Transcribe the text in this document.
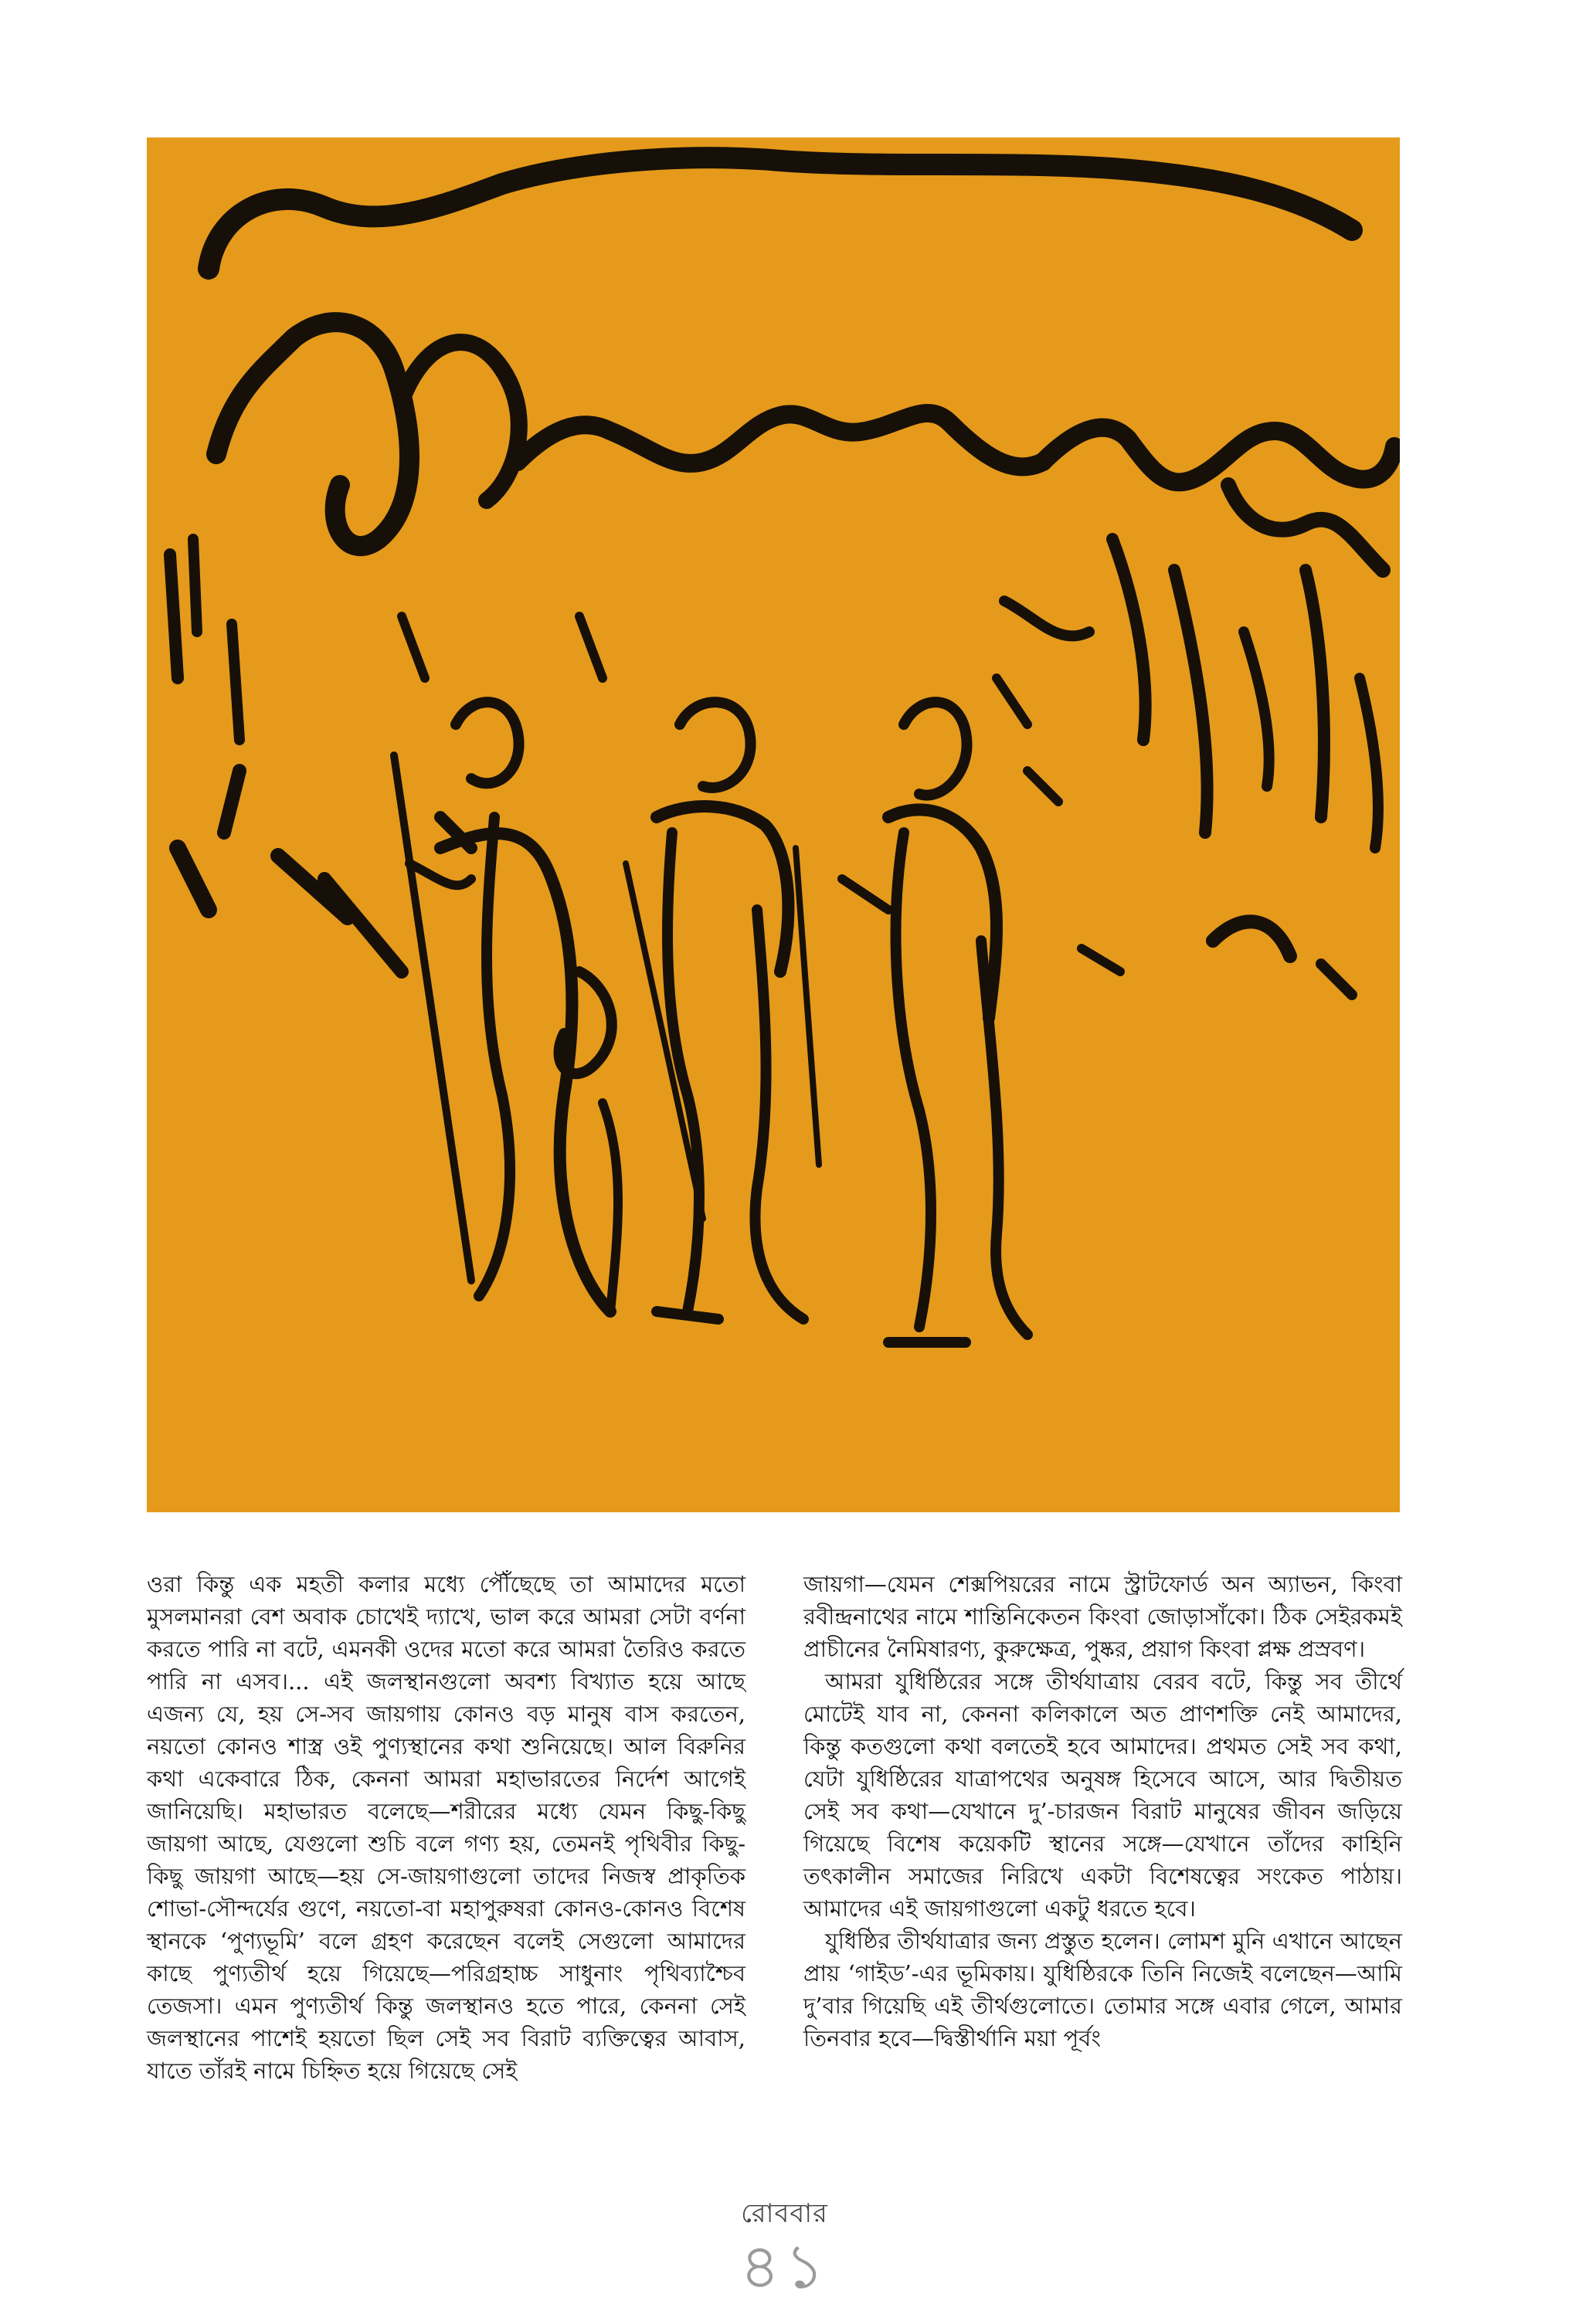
ওরা কিন্তু এক মহতী কলার মধ্যে পৌঁছেছে তা আমাদের মতো মুসলমানরা বেশ অবাক চোখেই দ্যাখে, ভাল করে আমরা সেটা বর্ণনা করতে পারি না বটে, এমনকী ওদের মতো করে আমরা তৈরিও করতে পারি না এসব।... এই জলস্থানগুলো অবশ্য বিখ্যাত হয়ে আছে এজন্য যে, হয় সে-সব জায়গায় কোনও বড় মানুষ বাস করতেন, নয়তো কোনও শাস্ত্র ওই পুণ্যস্থানের কথা শুনিয়েছে। আল বিরুনির কথা একেবারে ঠিক, কেননা আমরা মহাভারতের নির্দেশ আগেই জানিয়েছি। মহাভারত বলেছে—শরীরের মধ্যে যেমন কিছু-কিছু জায়গা আছে, যেগুলো শুচি বলে গণ্য হয়, তেমনই পৃথিবীর কিছু-কিছু জায়গা আছে—হয় সে-জায়গাগুলো তাদের নিজস্ব প্রাকৃতিক শোভা-সৌন্দর্যের গুণে, নয়তো-বা মহাপুরুষরা কোনও-কোনও বিশেষ স্থানকে ‘পুণ্যভূমি’ বলে গ্রহণ করেছেন বলেই সেগুলো আমাদের কাছে পুণ্যতীর্থ হয়ে গিয়েছে—পরিগ্রহাচ্চ সাধুনাং পৃথিব্যাশ্চৈব তেজসা। এমন পুণ্যতীর্থ কিন্তু জলস্থানও হতে পারে, কেননা সেই জলস্থানের পাশেই হয়তো ছিল সেই সব বিরাট ব্যক্তিত্বের আবাস, যাতে তাঁরই নামে চিহ্নিত হয়ে গিয়েছে সেই

জায়গা—যেমন শেক্সপিয়রের নামে স্ট্রাটফোর্ড অন অ্যাভন, কিংবা রবীন্দ্রনাথের নামে শান্তিনিকেতন কিংবা জোড়াসাঁকো। ঠিক সেইরকমই প্রাচীনের নৈমিষারণ্য, কুরুক্ষেত্র, পুষ্কর, প্রয়াগ কিংবা প্লক্ষ প্রস্রবণ।

আমরা যুধিষ্ঠিরের সঙ্গে তীর্থযাত্রায় বেরব বটে, কিন্তু সব তীর্থে মোটেই যাব না, কেননা কলিকালে অত প্রাণশক্তি নেই আমাদের, কিন্তু কতগুলো কথা বলতেই হবে আমাদের। প্রথমত সেই সব কথা, যেটা যুধিষ্ঠিরের যাত্রাপথের অনুষঙ্গ হিসেবে আসে, আর দ্বিতীয়ত সেই সব কথা—যেখানে দু’-চারজন বিরাট মানুষের জীবন জড়িয়ে গিয়েছে বিশেষ কয়েকটি স্থানের সঙ্গে—যেখানে তাঁদের কাহিনি তৎকালীন সমাজের নিরিখে একটা বিশেষত্বের সংকেত পাঠায়। আমাদের এই জায়গাগুলো একটু ধরতে হবে।

যুধিষ্ঠির তীর্থযাত্রার জন্য প্রস্তুত হলেন। লোমশ মুনি এখানে আছেন প্রায় ‘গাইড’-এর ভূমিকায়। যুধিষ্ঠিরকে তিনি নিজেই বলেছেন—আমি দু’বার গিয়েছি এই তীর্থগুলোতে। তোমার সঙ্গে এবার গেলে, আমার তিনবার হবে—দ্বিস্তীর্থানি ময়া পূর্বং

রোববার
৪১
